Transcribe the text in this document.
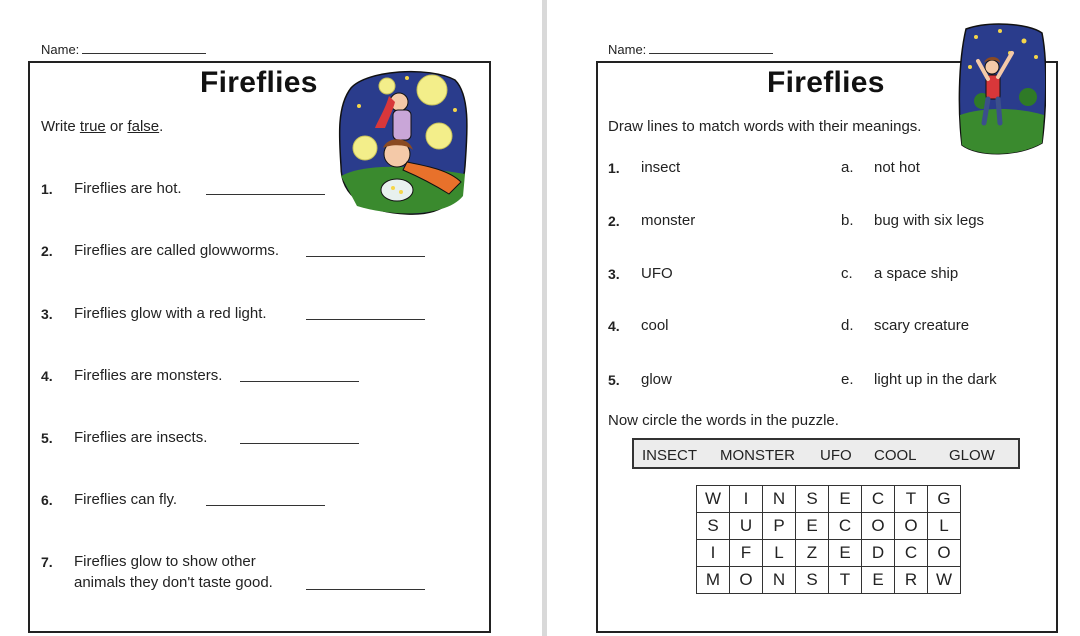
Name:
Fireflies
Write true or false.
1. Fireflies are hot.
2. Fireflies are called glowworms.
3. Fireflies glow with a red light.
4. Fireflies are monsters.
5. Fireflies are insects.
6. Fireflies can fly.
7. Fireflies glow to show other
animals they don't taste good.
Name:
Fireflies
Draw lines to match words with their meanings.
1. insect	a. not hot
2. monster	b. bug with six legs
3. UFO	c. a space ship
4. cool	d. scary creature
5. glow	e. light up in the dark
Now circle the words in the puzzle.
INSECT MONSTER UFO COOL GLOW
W	I	N	S	E	C	T	G
S	U	P	E	C	O	O	L
I	F	L	Z	E	D	C	O
M	O	N	S	T	E	R	W
